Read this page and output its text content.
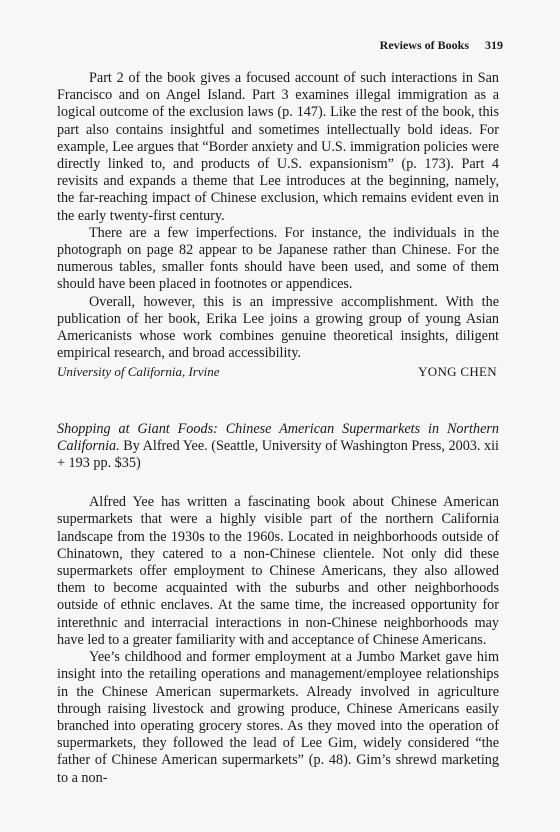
Reviews of Books 319

Part 2 of the book gives a focused account of such interactions in San Francisco and on Angel Island. Part 3 examines illegal immigration as a logical outcome of the exclusion laws (p. 147). Like the rest of the book, this part also contains insightful and sometimes intellectually bold ideas. For example, Lee argues that “Border anxiety and U.S. immigration policies were directly linked to, and products of U.S. expansionism” (p. 173). Part 4 revisits and expands a theme that Lee introduces at the beginning, namely, the far-reaching impact of Chinese exclusion, which remains evident even in the early twenty-first century.

There are a few imperfections. For instance, the individuals in the photograph on page 82 appear to be Japanese rather than Chinese. For the numerous tables, smaller fonts should have been used, and some of them should have been placed in footnotes or appendices.

Overall, however, this is an impressive accomplishment. With the publication of her book, Erika Lee joins a growing group of young Asian Americanists whose work combines genuine theoretical insights, diligent empirical research, and broad accessibility.

University of California, Irvine	YONG CHEN

Shopping at Giant Foods: Chinese American Supermarkets in Northern California. By Alfred Yee. (Seattle, University of Washington Press, 2003. xii + 193 pp. $35)

Alfred Yee has written a fascinating book about Chinese American supermarkets that were a highly visible part of the northern California landscape from the 1930s to the 1960s. Located in neighborhoods outside of Chinatown, they catered to a non-Chinese clientele. Not only did these supermarkets offer employment to Chinese Americans, they also allowed them to become acquainted with the suburbs and other neighborhoods outside of ethnic enclaves. At the same time, the increased opportunity for interethnic and interracial interactions in non-Chinese neighborhoods may have led to a greater familiarity with and acceptance of Chinese Americans.

Yee’s childhood and former employment at a Jumbo Market gave him insight into the retailing operations and management/employee relationships in the Chinese American supermarkets. Already involved in agriculture through raising livestock and growing produce, Chinese Americans easily branched into operating grocery stores. As they moved into the operation of supermarkets, they followed the lead of Lee Gim, widely considered “the father of Chinese American supermarkets” (p. 48). Gim’s shrewd marketing to a non-
